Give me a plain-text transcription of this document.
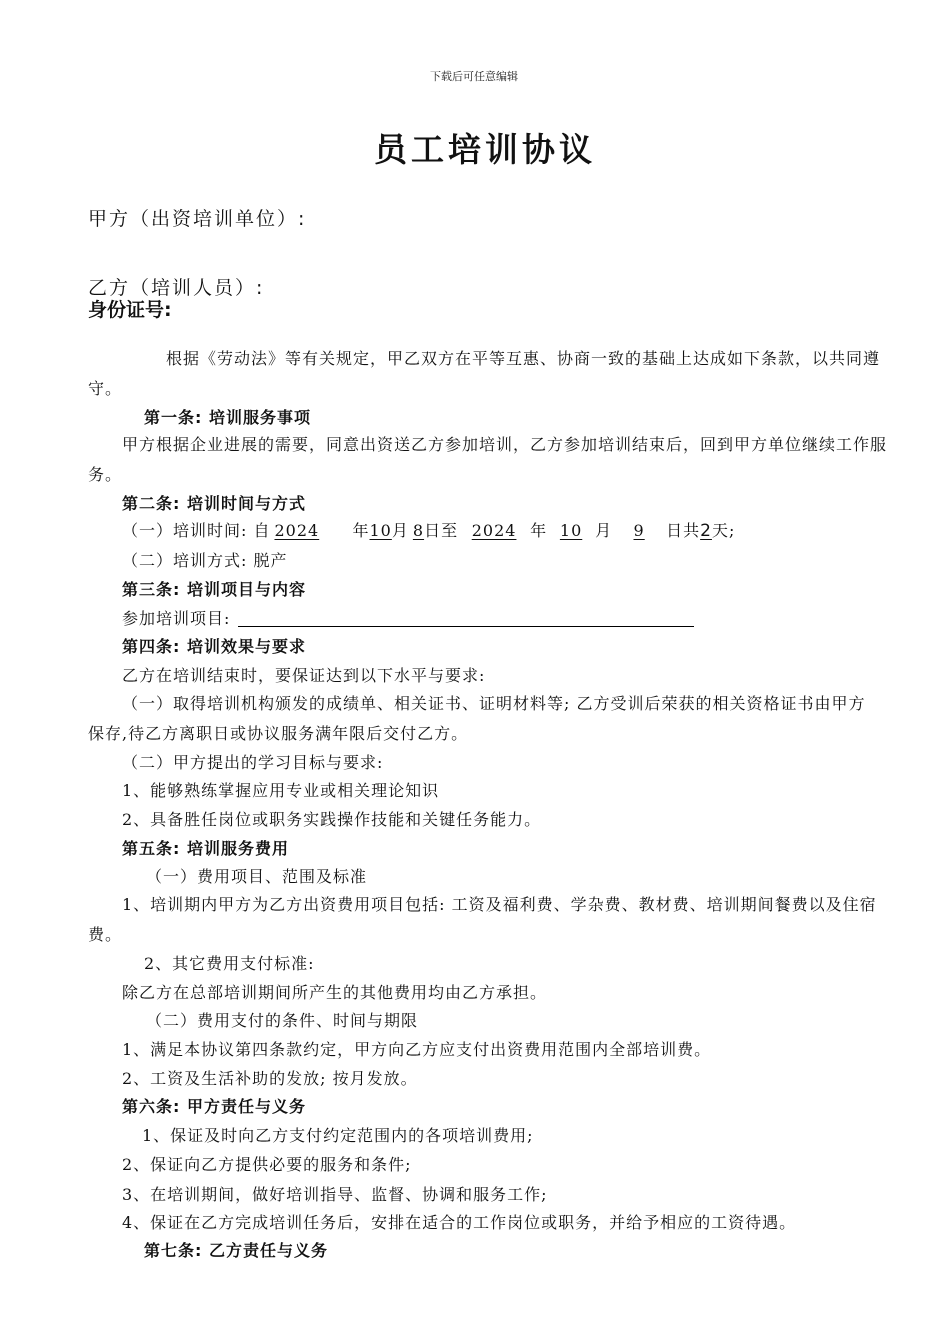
下载后可任意编辑
员工培训协议
甲方（出资培训单位）:
乙方（培训人员）:
身份证号:
根据《劳动法》等有关规定，甲乙双方在平等互惠、协商一致的基础上达成如下条款，以共同遵守。
第一条: 培训服务事项
甲方根据企业进展的需要，同意出资送乙方参加培训，乙方参加培训结束后，回到甲方单位继续工作服务。
第二条: 培训时间与方式
（一）培训时间: 自 2024 年10月 8日至 2024 年 10 月 9 日共2天;
（二）培训方式: 脱产
第三条: 培训项目与内容
参加培训项目:
第四条: 培训效果与要求
乙方在培训结束时，要保证达到以下水平与要求:
（一）取得培训机构颁发的成绩单、相关证书、证明材料等; 乙方受训后荣获的相关资格证书由甲方保存,待乙方离职日或协议服务满年限后交付乙方。
（二）甲方提出的学习目标与要求:
1、能够熟练掌握应用专业或相关理论知识
2、具备胜任岗位或职务实践操作技能和关键任务能力。
第五条: 培训服务费用
（一）费用项目、范围及标准
1、培训期内甲方为乙方出资费用项目包括: 工资及福利费、学杂费、教材费、培训期间餐费以及住宿费。
2、其它费用支付标准:
除乙方在总部培训期间所产生的其他费用均由乙方承担。
（二）费用支付的条件、时间与期限
1、满足本协议第四条款约定，甲方向乙方应支付出资费用范围内全部培训费。
2、工资及生活补助的发放; 按月发放。
第六条: 甲方责任与义务
1、保证及时向乙方支付约定范围内的各项培训费用;
2、保证向乙方提供必要的服务和条件;
3、在培训期间，做好培训指导、监督、协调和服务工作;
4、保证在乙方完成培训任务后，安排在适合的工作岗位或职务，并给予相应的工资待遇。
第七条: 乙方责任与义务
